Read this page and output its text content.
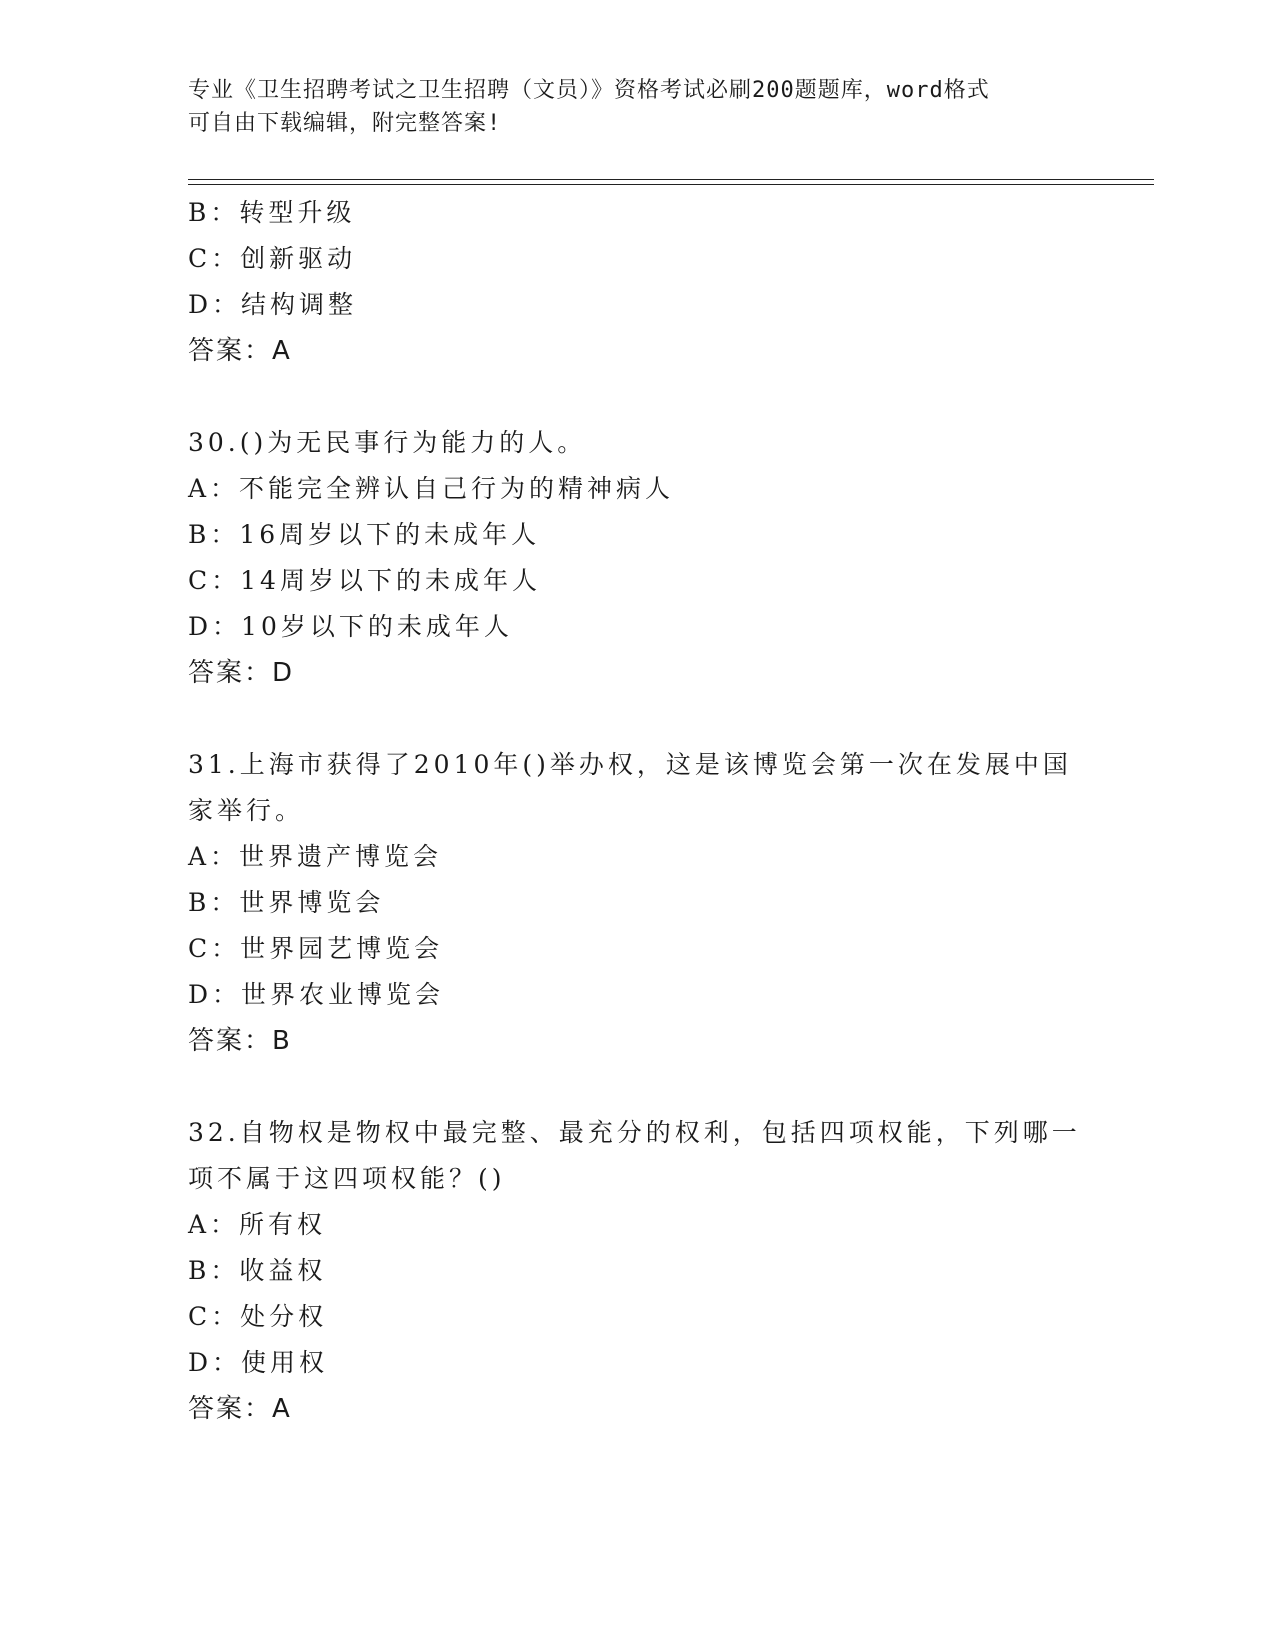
专业《卫生招聘考试之卫生招聘（文员）》资格考试必刷200题题库，word格式
可自由下载编辑，附完整答案!
B：转型升级
C：创新驱动
D：结构调整
答案：A
30.()为无民事行为能力的人。
A：不能完全辨认自己行为的精神病人
B：16周岁以下的未成年人
C：14周岁以下的未成年人
D：10岁以下的未成年人
答案：D
31.上海市获得了2010年()举办权，这是该博览会第一次在发展中国
家举行。
A：世界遗产博览会
B：世界博览会
C：世界园艺博览会
D：世界农业博览会
答案：B
32.自物权是物权中最完整、最充分的权利，包括四项权能，下列哪一
项不属于这四项权能？()
A：所有权
B：收益权
C：处分权
D：使用权
答案：A
